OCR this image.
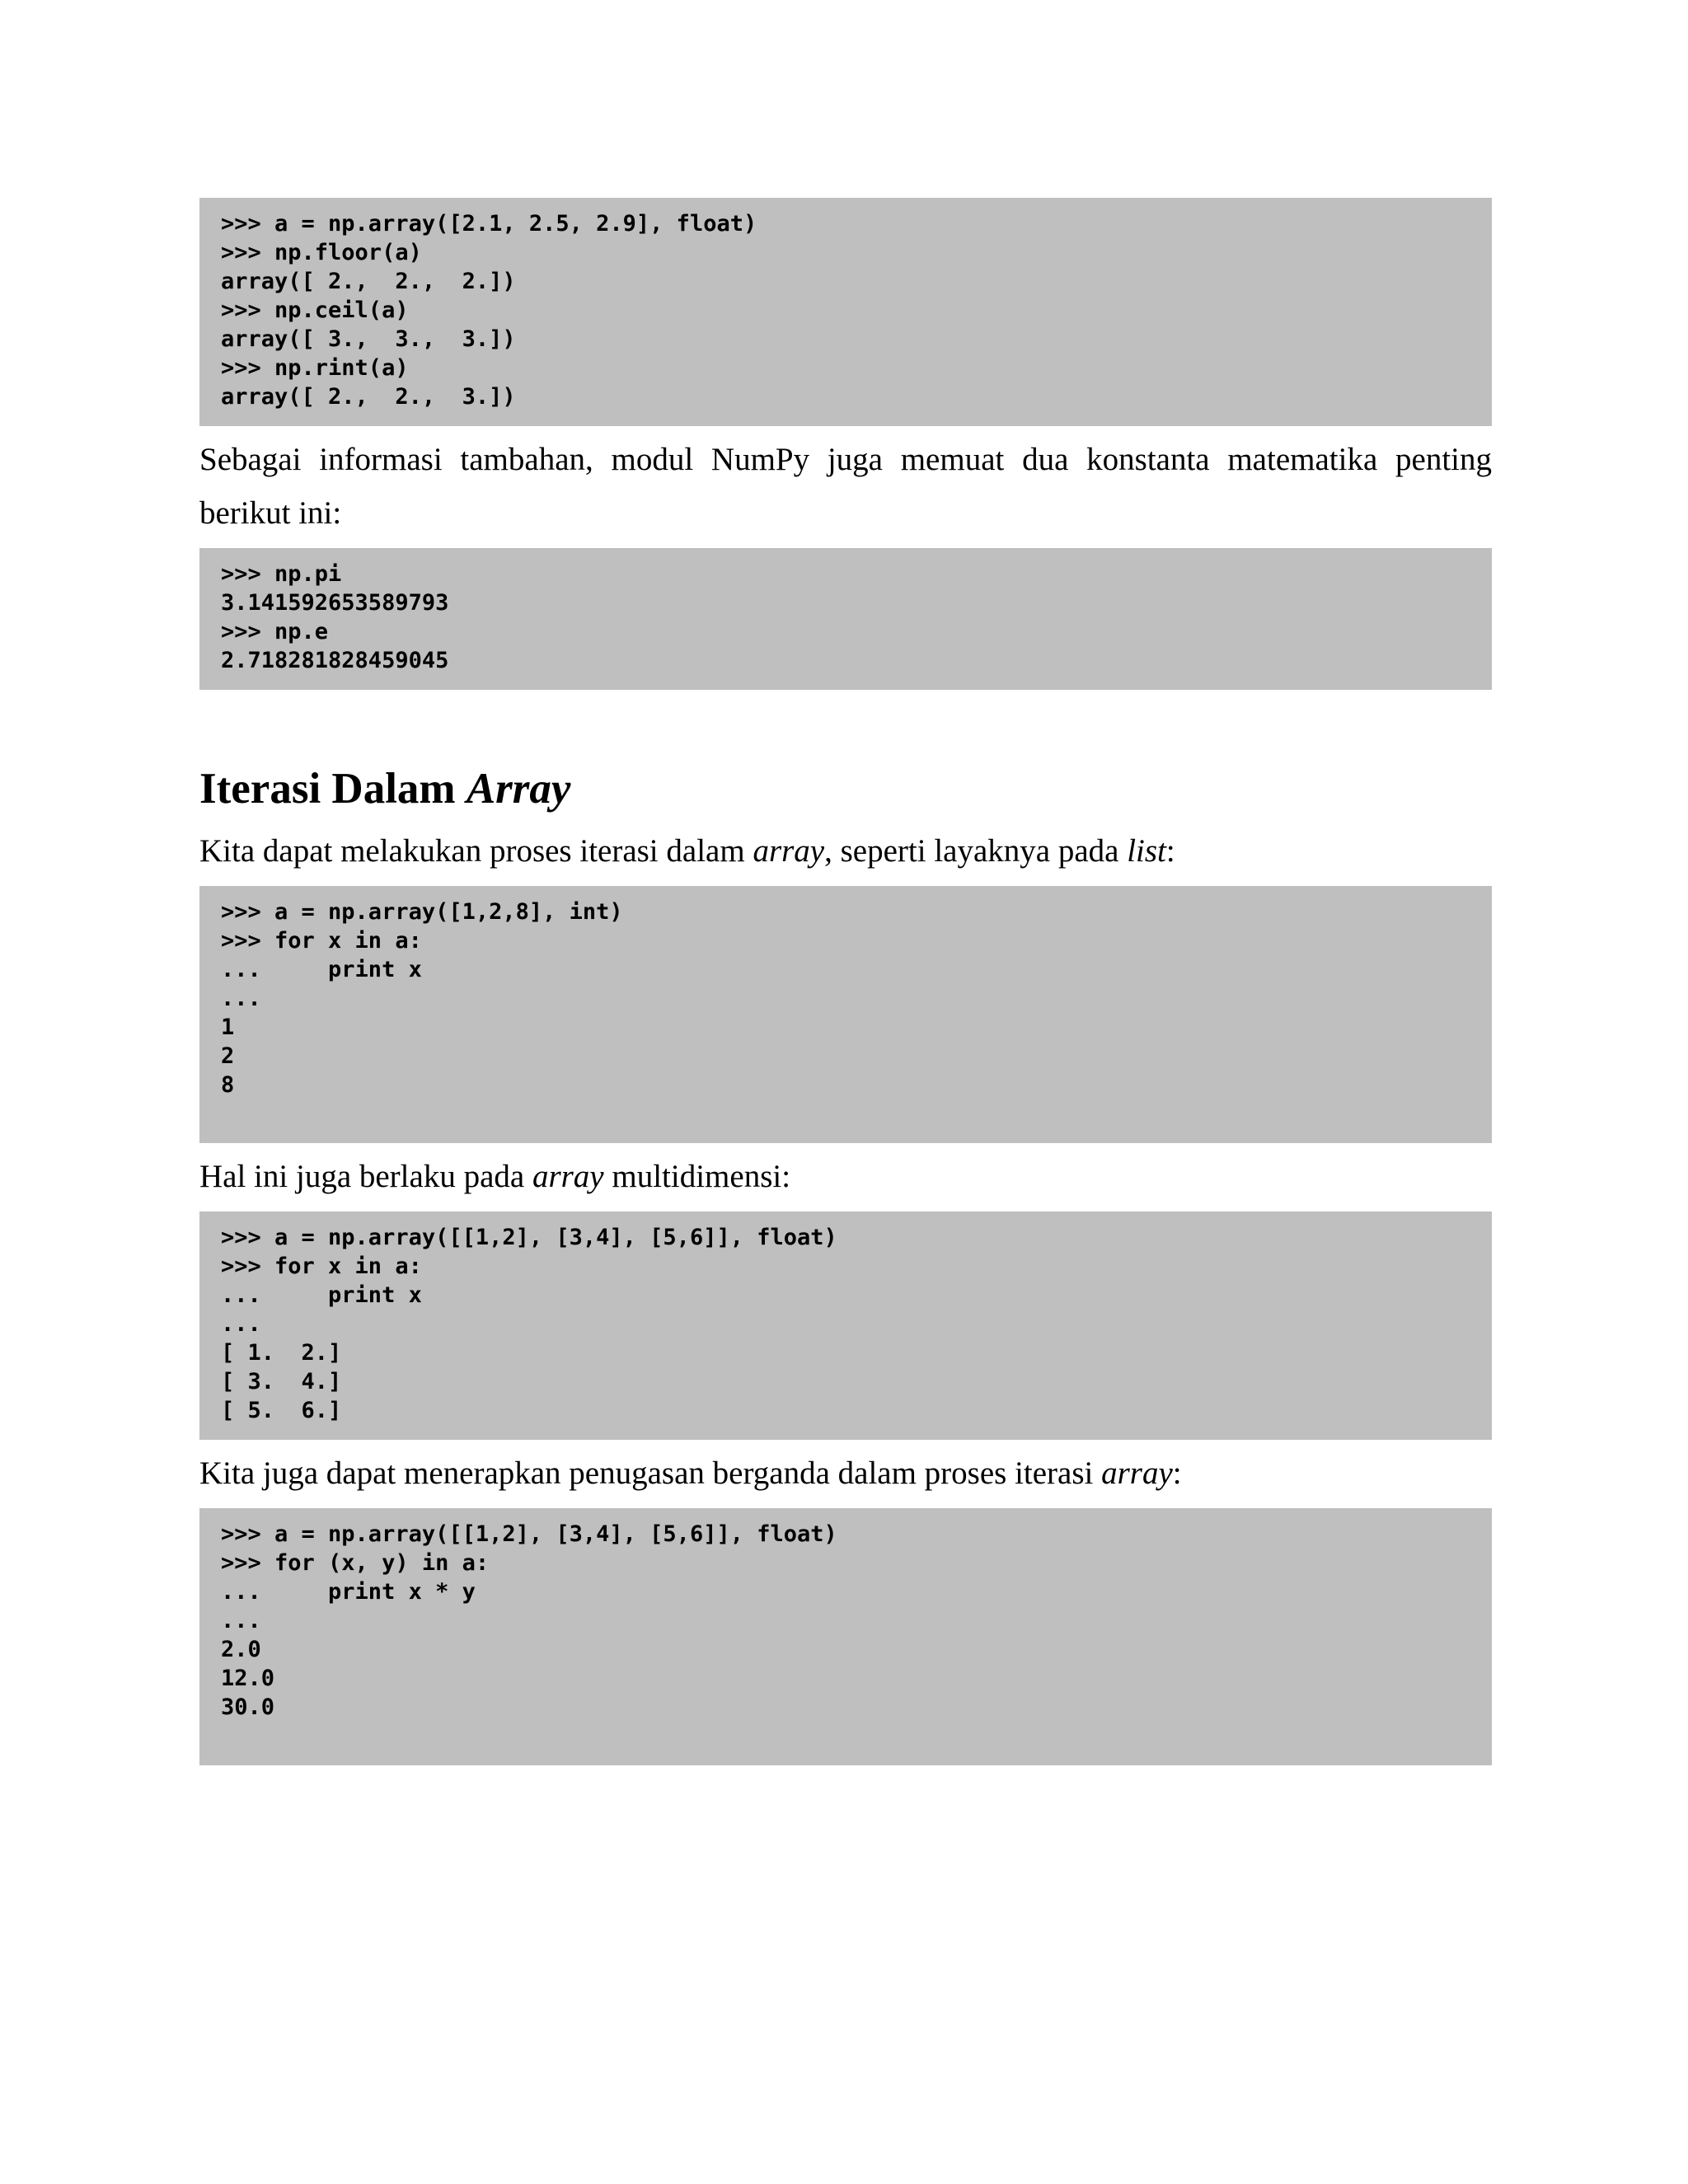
>>> a = np.array([2.1, 2.5, 2.9], float)
>>> np.floor(a)
array([ 2.,  2.,  2.])
>>> np.ceil(a)
array([ 3.,  3.,  3.])
>>> np.rint(a)
array([ 2.,  2.,  3.])

Sebagai informasi tambahan, modul NumPy juga memuat dua konstanta matematika penting berikut ini:

>>> np.pi
3.141592653589793
>>> np.e
2.718281828459045
Iterasi Dalam Array

Kita dapat melakukan proses iterasi dalam array, seperti layaknya pada list:

>>> a = np.array([1,2,8], int)
>>> for x in a:
...     print x
...
1
2
8

Hal ini juga berlaku pada array multidimensi:

>>> a = np.array([[1,2], [3,4], [5,6]], float)
>>> for x in a:
...     print x
...
[ 1.  2.]
[ 3.  4.]
[ 5.  6.]

Kita juga dapat menerapkan penugasan berganda dalam proses iterasi array:

>>> a = np.array([[1,2], [3,4], [5,6]], float)
>>> for (x, y) in a:
...     print x * y
...
2.0
12.0
30.0
